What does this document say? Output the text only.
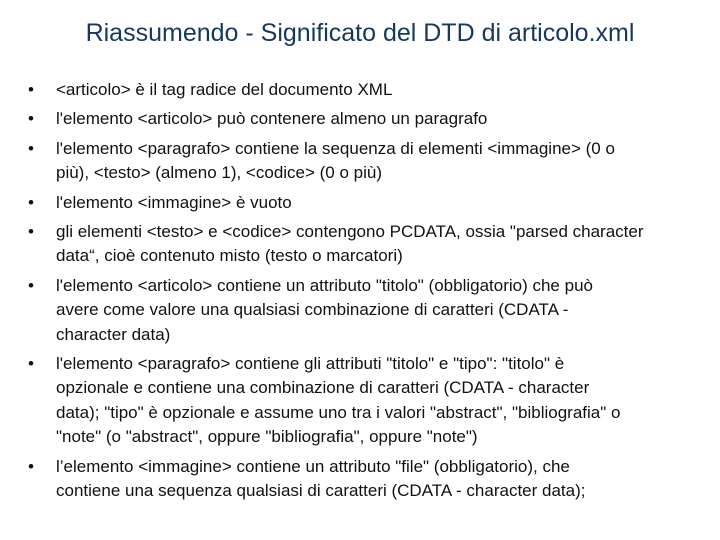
Riassumendo - Significato del DTD di articolo.xml
• <articolo> è il tag radice del documento XML
• l'elemento <articolo> può contenere almeno un paragrafo
• l'elemento <paragrafo> contiene la sequenza di elementi <immagine> (0 o
più), <testo> (almeno 1), <codice> (0 o più)
• l'elemento <immagine> è vuoto
• gli elementi <testo> e <codice> contengono PCDATA, ossia "parsed character
data“, cioè contenuto misto (testo o marcatori)
• l'elemento <articolo> contiene un attributo "titolo" (obbligatorio) che può
avere come valore una qualsiasi combinazione di caratteri (CDATA -
character data)
• l'elemento <paragrafo> contiene gli attributi "titolo" e "tipo": "titolo" è
opzionale e contiene una combinazione di caratteri (CDATA - character
data); "tipo" è opzionale e assume uno tra i valori "abstract", "bibliografia" o
"note" (o "abstract", oppure "bibliografia", oppure "note")
• l’elemento <immagine> contiene un attributo "file" (obbligatorio), che
contiene una sequenza qualsiasi di caratteri (CDATA - character data);
